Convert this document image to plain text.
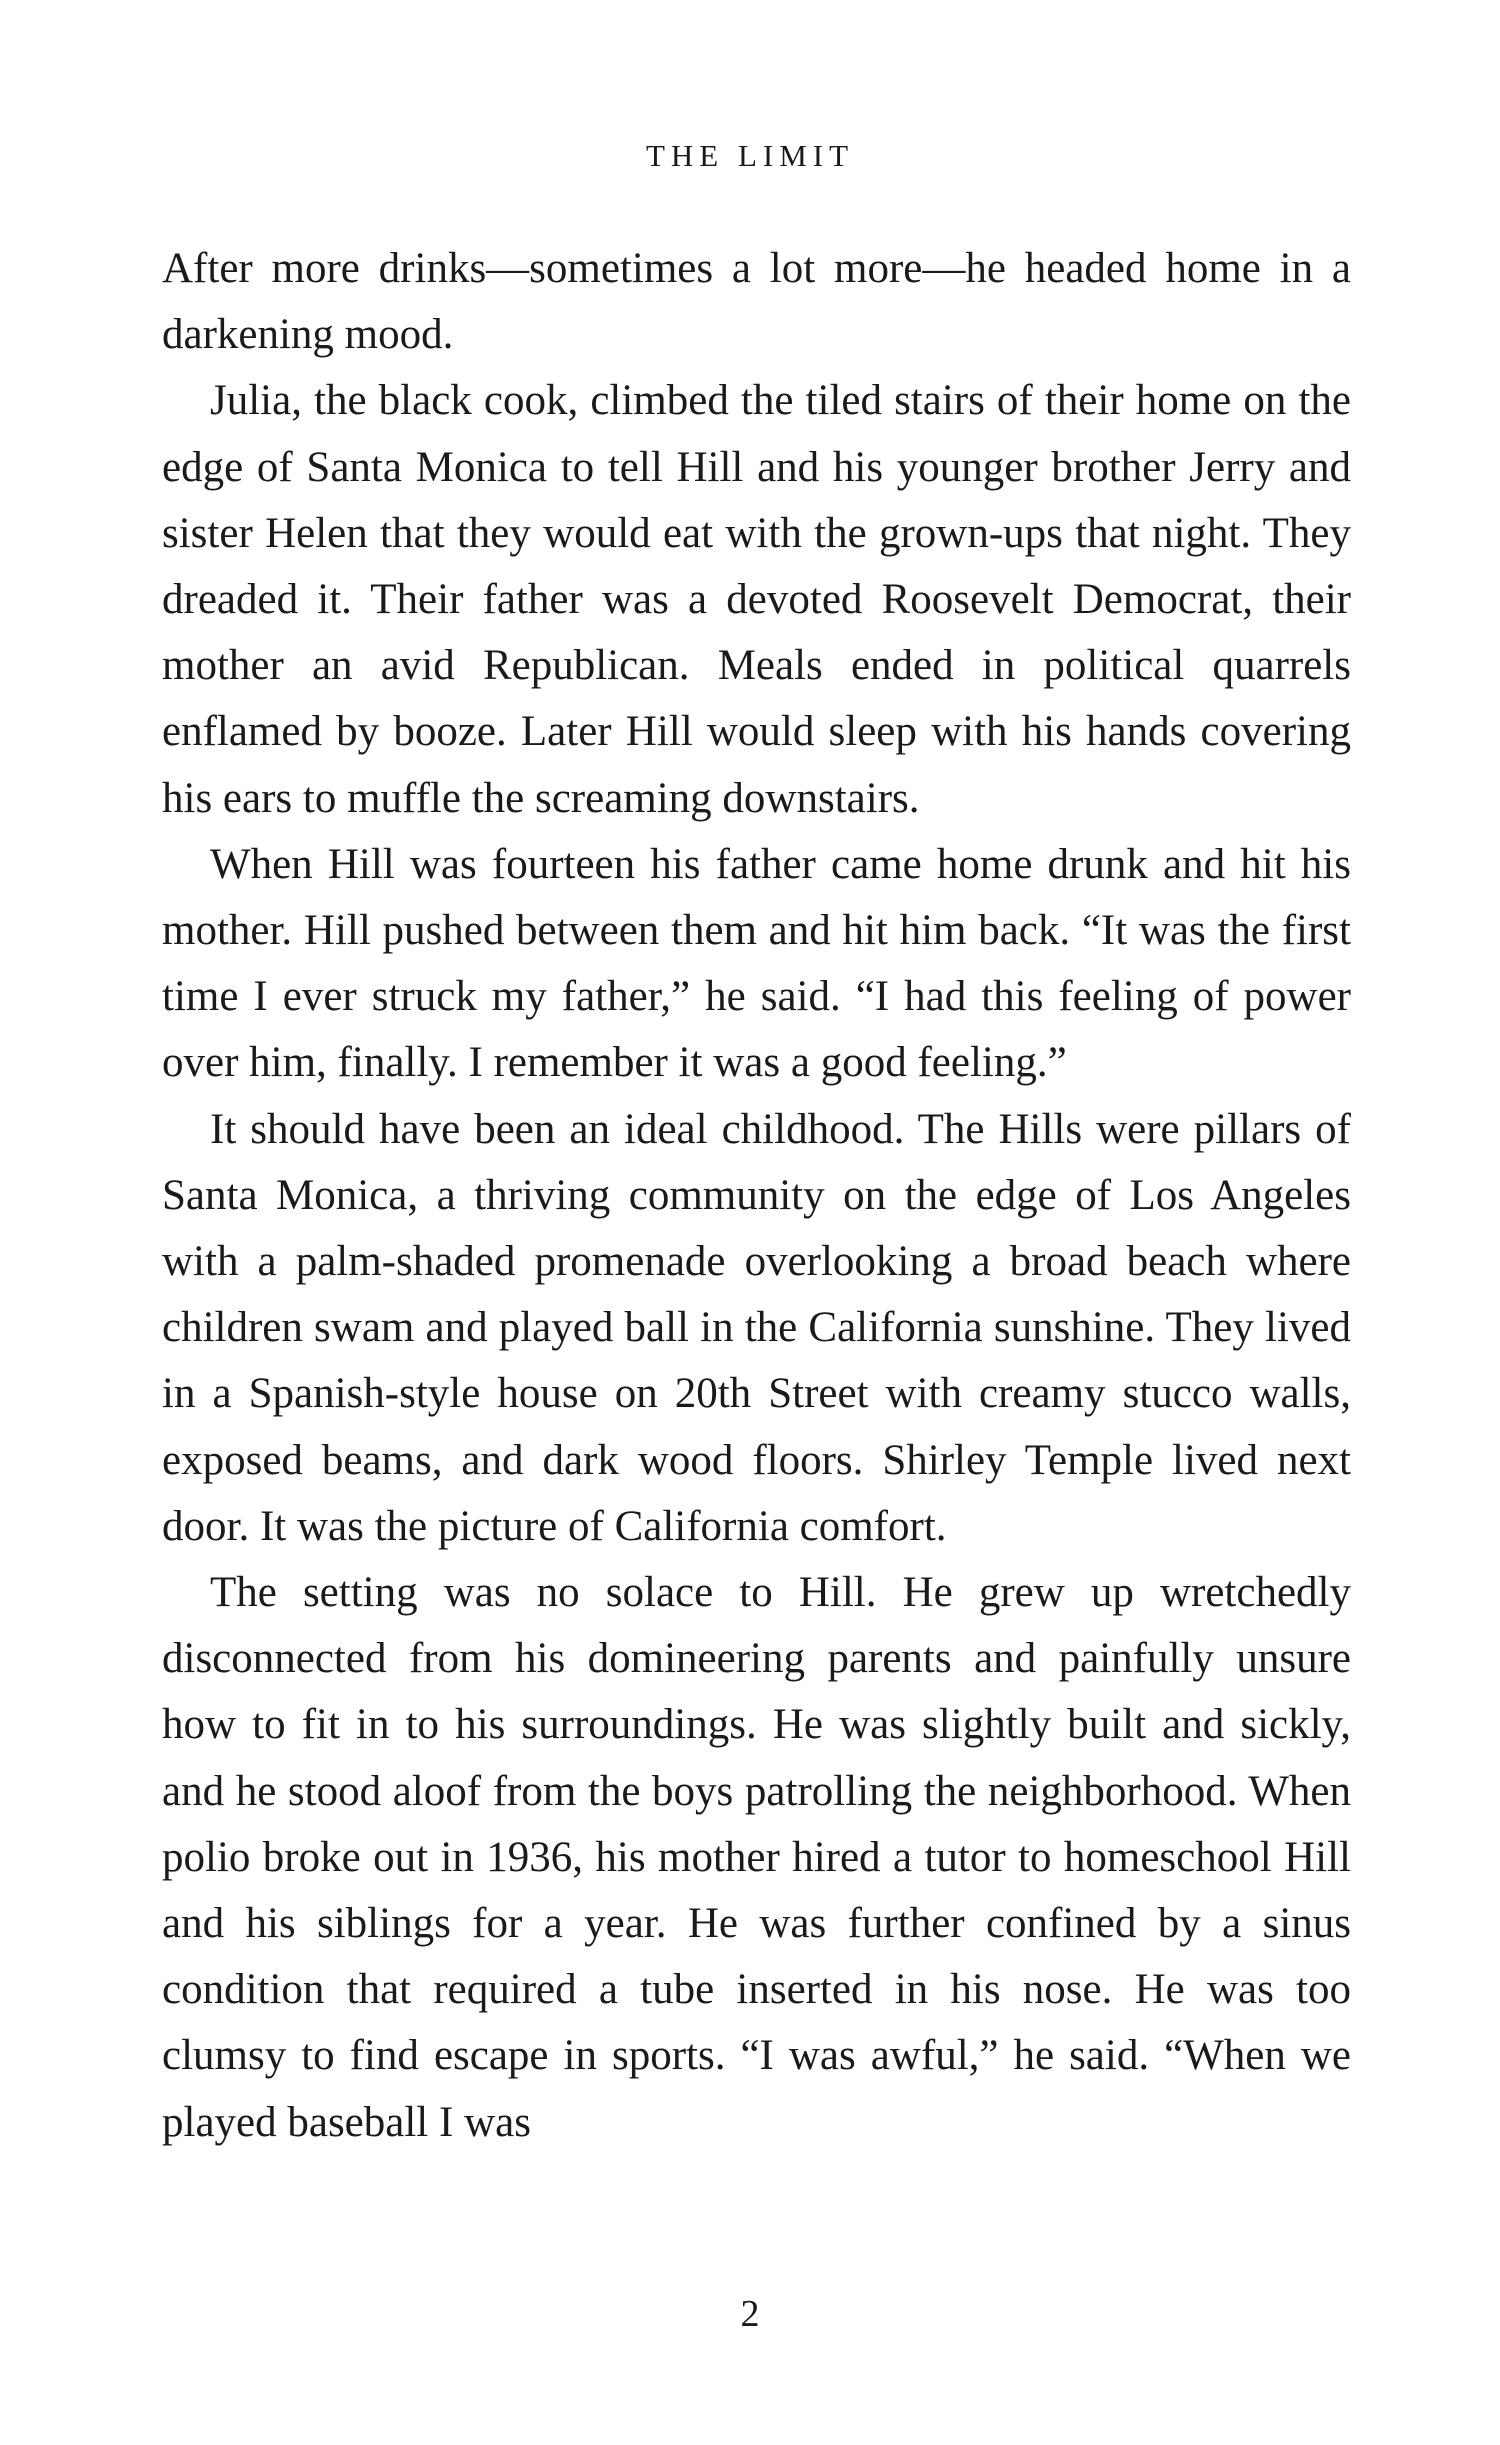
THE LIMIT

After more drinks—sometimes a lot more—he headed home in a darkening mood.

Julia, the black cook, climbed the tiled stairs of their home on the edge of Santa Monica to tell Hill and his younger brother Jerry and sister Helen that they would eat with the grown-ups that night. They dreaded it. Their father was a devoted Roosevelt Democrat, their mother an avid Republican. Meals ended in political quarrels enflamed by booze. Later Hill would sleep with his hands covering his ears to muffle the screaming downstairs.

When Hill was fourteen his father came home drunk and hit his mother. Hill pushed between them and hit him back. “It was the first time I ever struck my father,” he said. “I had this feeling of power over him, finally. I remember it was a good feeling.”

It should have been an ideal childhood. The Hills were pillars of Santa Monica, a thriving community on the edge of Los Angeles with a palm-shaded promenade overlooking a broad beach where children swam and played ball in the California sunshine. They lived in a Spanish-style house on 20th Street with creamy stucco walls, exposed beams, and dark wood floors. Shirley Temple lived next door. It was the picture of California comfort.

The setting was no solace to Hill. He grew up wretchedly disconnected from his domineering parents and painfully unsure how to fit in to his surroundings. He was slightly built and sickly, and he stood aloof from the boys patrolling the neighborhood. When polio broke out in 1936, his mother hired a tutor to homeschool Hill and his siblings for a year. He was further confined by a sinus condition that required a tube inserted in his nose. He was too clumsy to find escape in sports. “I was awful,” he said. “When we played baseball I was

2
